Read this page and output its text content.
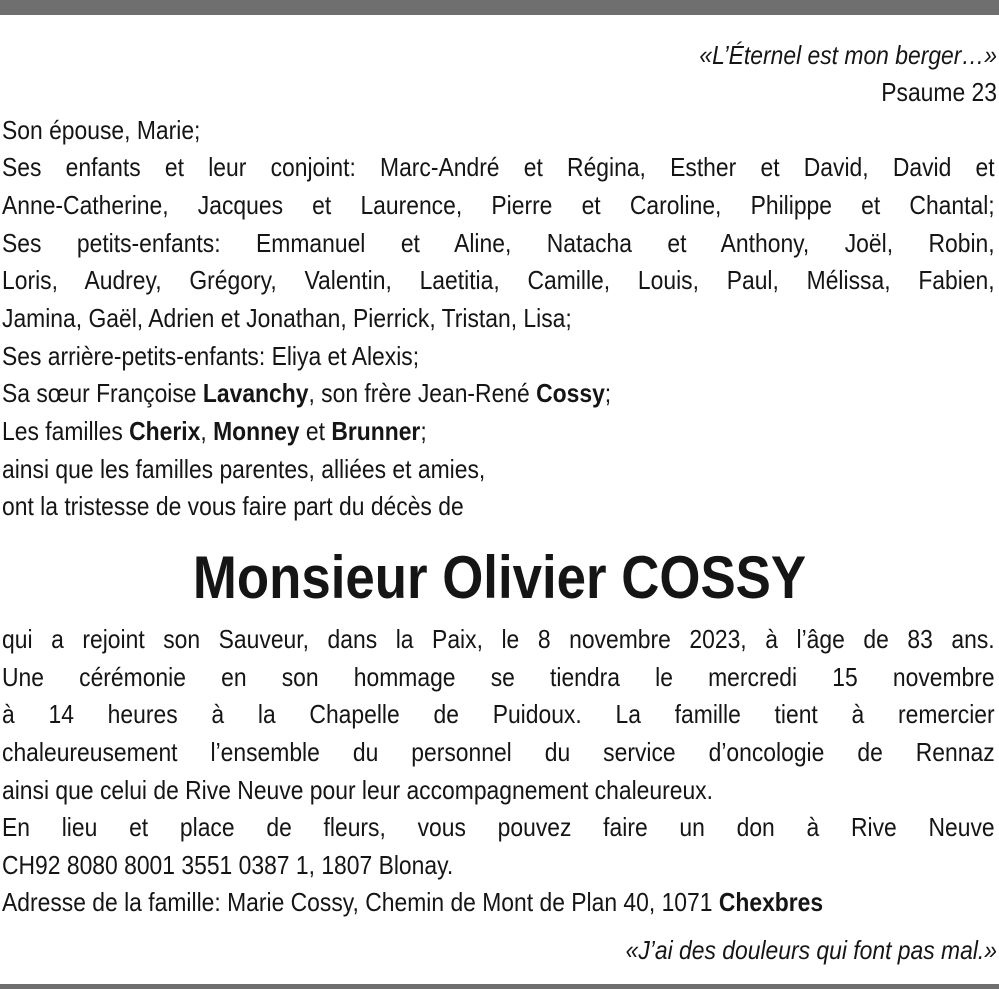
«L’Éternel est mon berger…»
Psaume 23
Son épouse, Marie;
Ses enfants et leur conjoint: Marc-André et Régina, Esther et David, David et
Anne-Catherine, Jacques et Laurence, Pierre et Caroline, Philippe et Chantal;
Ses petits-enfants: Emmanuel et Aline, Natacha et Anthony, Joël, Robin,
Loris, Audrey, Grégory, Valentin, Laetitia, Camille, Louis, Paul, Mélissa, Fabien,
Jamina, Gaël, Adrien et Jonathan, Pierrick, Tristan, Lisa;
Ses arrière-petits-enfants: Eliya et Alexis;
Sa sœur Françoise Lavanchy, son frère Jean-René Cossy;
Les familles Cherix, Monney et Brunner;
ainsi que les familles parentes, alliées et amies,
ont la tristesse de vous faire part du décès de
Monsieur Olivier COSSY
qui a rejoint son Sauveur, dans la Paix, le 8 novembre 2023, à l’âge de 83 ans.
Une cérémonie en son hommage se tiendra le mercredi 15 novembre
à 14 heures à la Chapelle de Puidoux. La famille tient à remercier
chaleureusement l’ensemble du personnel du service d’oncologie de Rennaz
ainsi que celui de Rive Neuve pour leur accompagnement chaleureux.
En lieu et place de fleurs, vous pouvez faire un don à Rive Neuve
CH92 8080 8001 3551 0387 1, 1807 Blonay.
Adresse de la famille: Marie Cossy, Chemin de Mont de Plan 40, 1071 Chexbres
«J’ai des douleurs qui font pas mal.»
